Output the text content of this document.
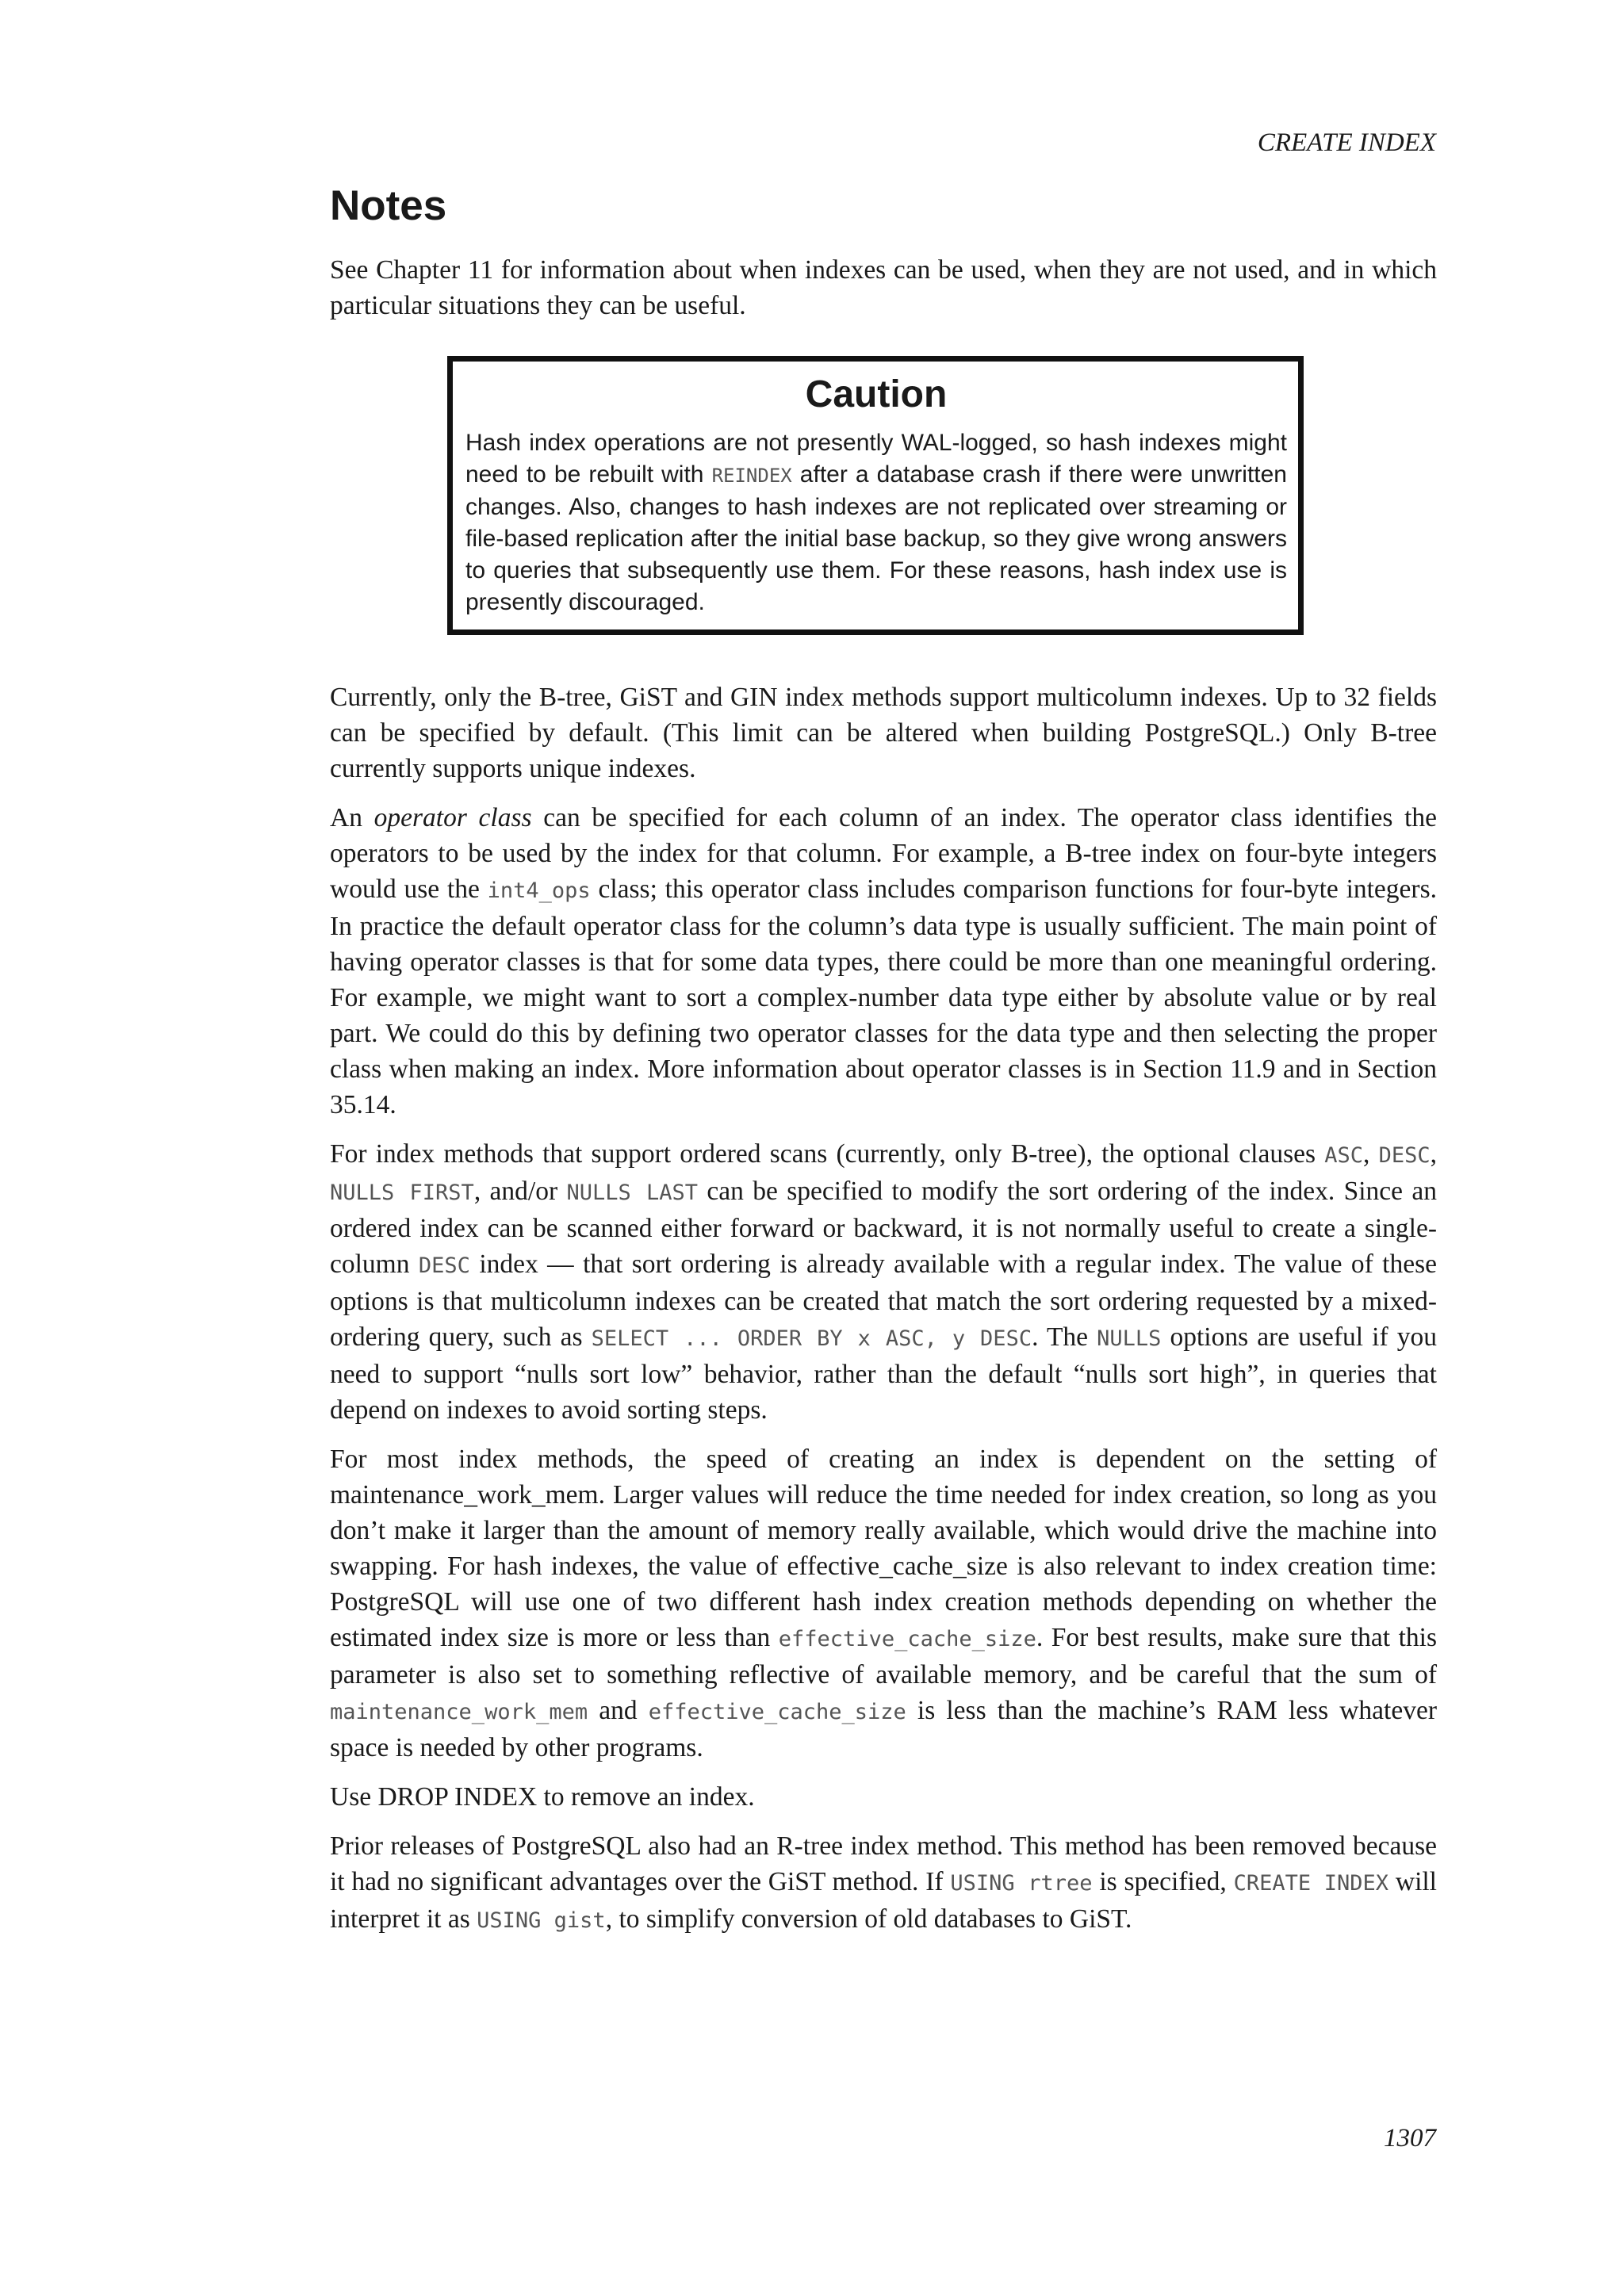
CREATE INDEX
Notes

See Chapter 11 for information about when indexes can be used, when they are not used, and in which particular situations they can be useful.

Caution

Hash index operations are not presently WAL-logged, so hash indexes might need to be rebuilt with REINDEX after a database crash if there were unwritten changes. Also, changes to hash indexes are not replicated over streaming or file-based replication after the initial base backup, so they give wrong answers to queries that subsequently use them. For these reasons, hash index use is presently discouraged.

Currently, only the B-tree, GiST and GIN index methods support multicolumn indexes. Up to 32 fields can be specified by default. (This limit can be altered when building PostgreSQL.) Only B-tree currently supports unique indexes.

An operator class can be specified for each column of an index. The operator class identifies the operators to be used by the index for that column. For example, a B-tree index on four-byte integers would use the int4_ops class; this operator class includes comparison functions for four-byte integers. In practice the default operator class for the column’s data type is usually sufficient. The main point of having operator classes is that for some data types, there could be more than one meaningful ordering. For example, we might want to sort a complex-number data type either by absolute value or by real part. We could do this by defining two operator classes for the data type and then selecting the proper class when making an index. More information about operator classes is in Section 11.9 and in Section 35.14.

For index methods that support ordered scans (currently, only B-tree), the optional clauses ASC, DESC, NULLS FIRST, and/or NULLS LAST can be specified to modify the sort ordering of the index. Since an ordered index can be scanned either forward or backward, it is not normally useful to create a single-column DESC index — that sort ordering is already available with a regular index. The value of these options is that multicolumn indexes can be created that match the sort ordering requested by a mixed-ordering query, such as SELECT ... ORDER BY x ASC, y DESC. The NULLS options are useful if you need to support “nulls sort low” behavior, rather than the default “nulls sort high”, in queries that depend on indexes to avoid sorting steps.

For most index methods, the speed of creating an index is dependent on the setting of maintenance_work_mem. Larger values will reduce the time needed for index creation, so long as you don’t make it larger than the amount of memory really available, which would drive the machine into swapping. For hash indexes, the value of effective_cache_size is also relevant to index creation time: PostgreSQL will use one of two different hash index creation methods depending on whether the estimated index size is more or less than effective_cache_size. For best results, make sure that this parameter is also set to something reflective of available memory, and be careful that the sum of maintenance_work_mem and effective_cache_size is less than the machine’s RAM less whatever space is needed by other programs.

Use DROP INDEX to remove an index.

Prior releases of PostgreSQL also had an R-tree index method. This method has been removed because it had no significant advantages over the GiST method. If USING rtree is specified, CREATE INDEX will interpret it as USING gist, to simplify conversion of old databases to GiST.

1307
